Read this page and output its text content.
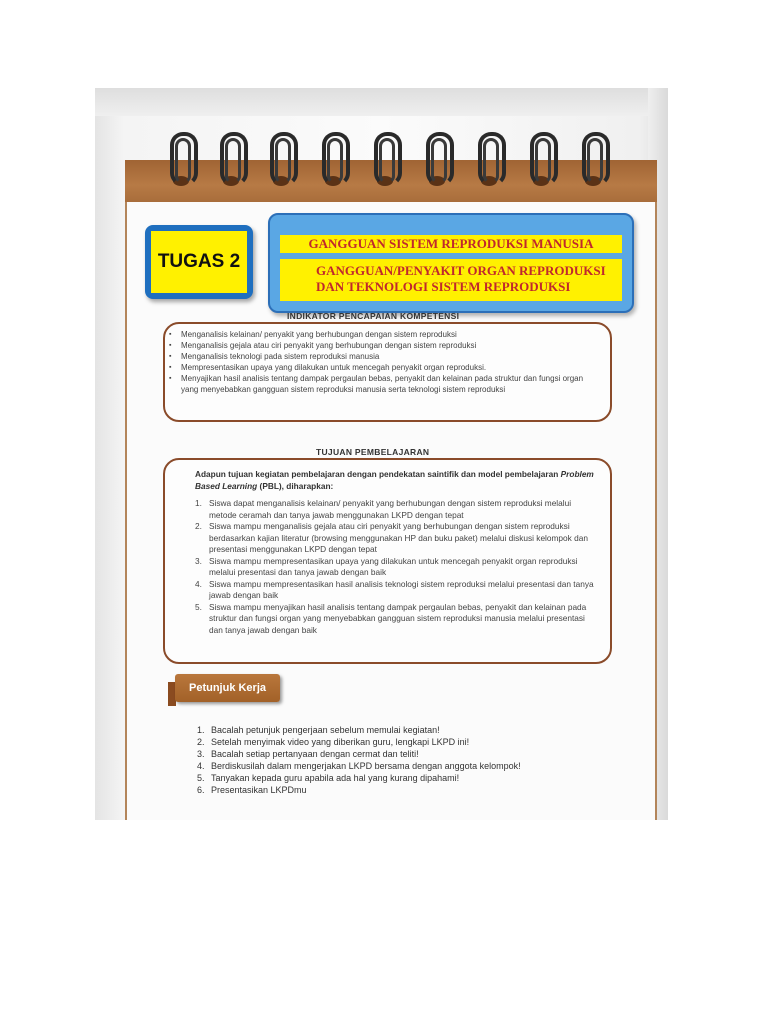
TUGAS 2
GANGGUAN SISTEM REPRODUKSI MANUSIA
GANGGUAN/PENYAKIT ORGAN REPRODUKSI
DAN TEKNOLOGI SISTEM REPRODUKSI
INDIKATOR PENCAPAIAN KOMPETENSI
▪ Menganalisis kelainan/ penyakit yang berhubungan dengan sistem reproduksi
▪ Menganalisis gejala atau ciri penyakit yang berhubungan dengan sistem reproduksi
▪ Menganalisis teknologi pada sistem reproduksi manusia
▪ Mempresentasikan upaya yang dilakukan untuk mencegah penyakit organ reproduksi.
▪ Menyajikan hasil analisis tentang dampak pergaulan bebas, penyakit dan kelainan pada struktur dan fungsi organ yang menyebabkan gangguan sistem reproduksi manusia serta teknologi sistem reproduksi
TUJUAN PEMBELAJARAN
Adapun tujuan kegiatan pembelajaran dengan pendekatan saintifik dan model pembelajaran Problem Based Learning (PBL), diharapkan:
1. Siswa dapat menganalisis kelainan/ penyakit yang berhubungan dengan sistem reproduksi melalui metode ceramah dan tanya jawab menggunakan LKPD dengan tepat
2. Siswa mampu menganalisis gejala atau ciri penyakit yang berhubungan dengan sistem reproduksi berdasarkan kajian literatur (browsing menggunakan HP dan buku paket) melalui diskusi kelompok dan presentasi menggunakan LKPD dengan tepat
3. Siswa mampu mempresentasikan upaya yang dilakukan untuk mencegah penyakit organ reproduksi melalui presentasi dan tanya jawab dengan baik
4. Siswa mampu mempresentasikan hasil analisis teknologi sistem reproduksi melalui presentasi dan tanya jawab dengan baik
5. Siswa mampu menyajikan hasil analisis tentang dampak pergaulan bebas, penyakit dan kelainan pada struktur dan fungsi organ yang menyebabkan gangguan sistem reproduksi manusia melalui presentasi dan tanya jawab dengan baik
Petunjuk Kerja
1. Bacalah petunjuk pengerjaan sebelum memulai kegiatan!
2. Setelah menyimak video yang diberikan guru, lengkapi LKPD ini!
3. Bacalah setiap pertanyaan dengan cermat dan teliti!
4. Berdiskusilah dalam mengerjakan LKPD bersama dengan anggota kelompok!
5. Tanyakan kepada guru apabila ada hal yang kurang dipahami!
6. Presentasikan LKPDmu
